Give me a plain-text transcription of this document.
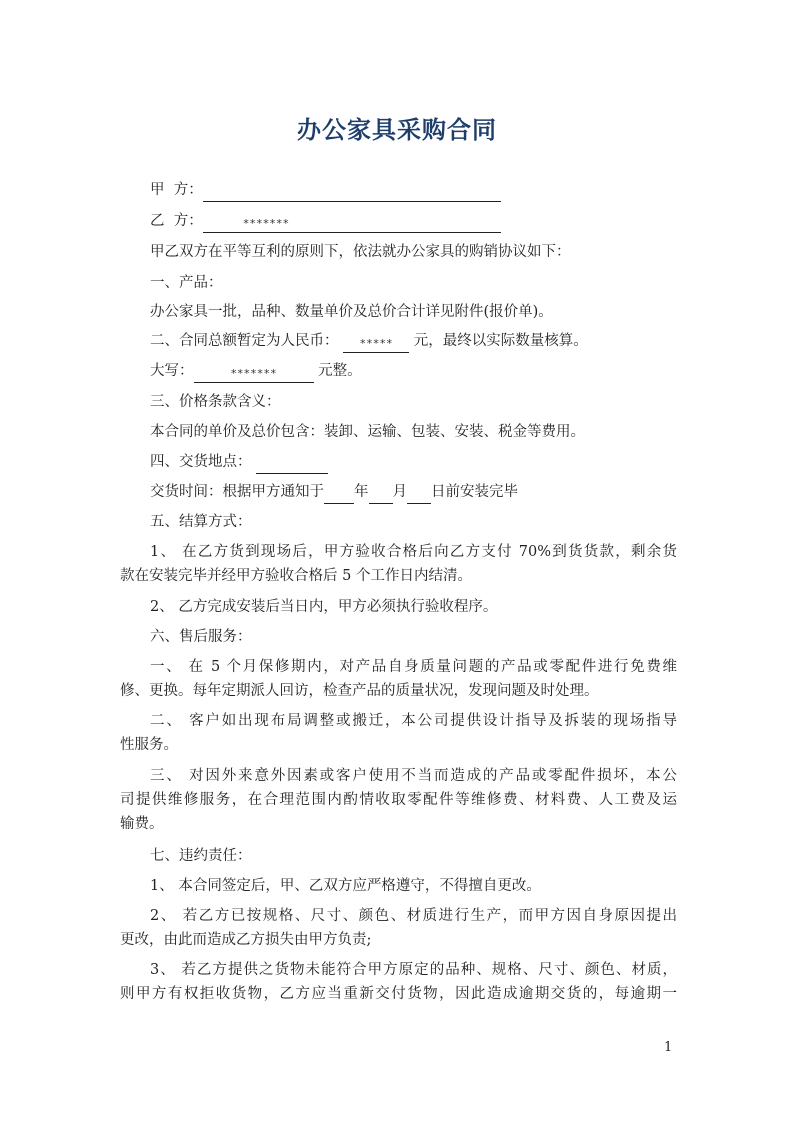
办公家具采购合同
甲  方：
乙  方：	*******
甲乙双方在平等互利的原则下，依法就办公家具的购销协议如下：
一、产品：
办公家具一批，品种、数量单价及总价合计详见附件(报价单)。
二、合同总额暂定为人民币： ***** 元，最终以实际数量核算。
大写：	*******	元整。
三、价格条款含义：
本合同的单价及总价包含：装卸、运输、包装、安装、税金等费用。
四、交货地点：
交货时间：根据甲方通知于 年 月 日前安装完毕
五、结算方式：
1、 在乙方货到现场后，甲方验收合格后向乙方支付 70%到货货款，剩余货
款在安装完毕并经甲方验收合格后 5 个工作日内结清。
2、 乙方完成安装后当日内，甲方必须执行验收程序。
六、售后服务：
一、 在 5 个月保修期内，对产品自身质量问题的产品或零配件进行免费维
修、更换。每年定期派人回访，检查产品的质量状况，发现问题及时处理。
二、 客户如出现布局调整或搬迁，本公司提供设计指导及拆装的现场指导
性服务。
三、 对因外来意外因素或客户使用不当而造成的产品或零配件损坏，本公
司提供维修服务，在合理范围内酌情收取零配件等维修费、材料费、人工费及运
输费。
七、违约责任：
1、 本合同签定后，甲、乙双方应严格遵守，不得擅自更改。
2、 若乙方已按规格、尺寸、颜色、材质进行生产，而甲方因自身原因提出
更改，由此而造成乙方损失由甲方负责;
3、 若乙方提供之货物未能符合甲方原定的品种、规格、尺寸、颜色、材质，
则甲方有权拒收货物，乙方应当重新交付货物，因此造成逾期交货的，每逾期一
1
